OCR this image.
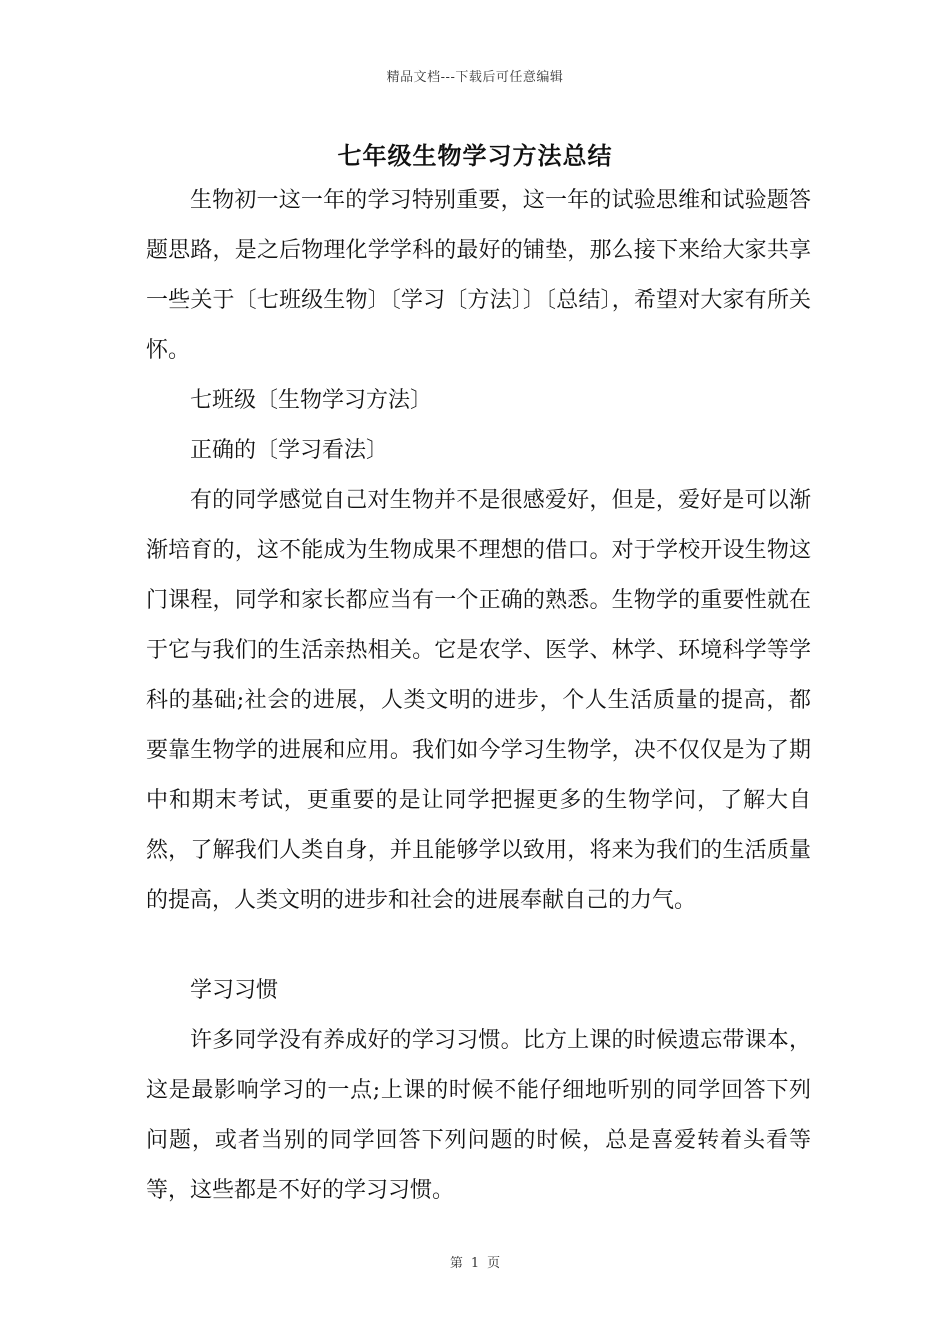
精品文档---下载后可任意编辑
七年级生物学习方法总结

生物初一这一年的学习特别重要，这一年的试验思维和试验题答题思路，是之后物理化学学科的最好的铺垫，那么接下来给大家共享一些关于〔七班级生物〕〔学习〔方法〕〕〔总结〕，希望对大家有所关怀。

七班级〔生物学习方法〕

正确的〔学习看法〕

有的同学感觉自己对生物并不是很感爱好，但是，爱好是可以渐渐培育的，这不能成为生物成果不理想的借口。对于学校开设生物这门课程，同学和家长都应当有一个正确的熟悉。生物学的重要性就在于它与我们的生活亲热相关。它是农学、医学、林学、环境科学等学科的基础;社会的进展，人类文明的进步，个人生活质量的提高，都要靠生物学的进展和应用。我们如今学习生物学，决不仅仅是为了期中和期末考试，更重要的是让同学把握更多的生物学问，了解大自然，了解我们人类自身，并且能够学以致用，将来为我们的生活质量的提高，人类文明的进步和社会的进展奉献自己的力气。

学习习惯

许多同学没有养成好的学习习惯。比方上课的时候遗忘带课本，这是最影响学习的一点;上课的时候不能仔细地听别的同学回答下列问题，或者当别的同学回答下列问题的时候，总是喜爱转着头看等等，这些都是不好的学习习惯。

第 1 页
